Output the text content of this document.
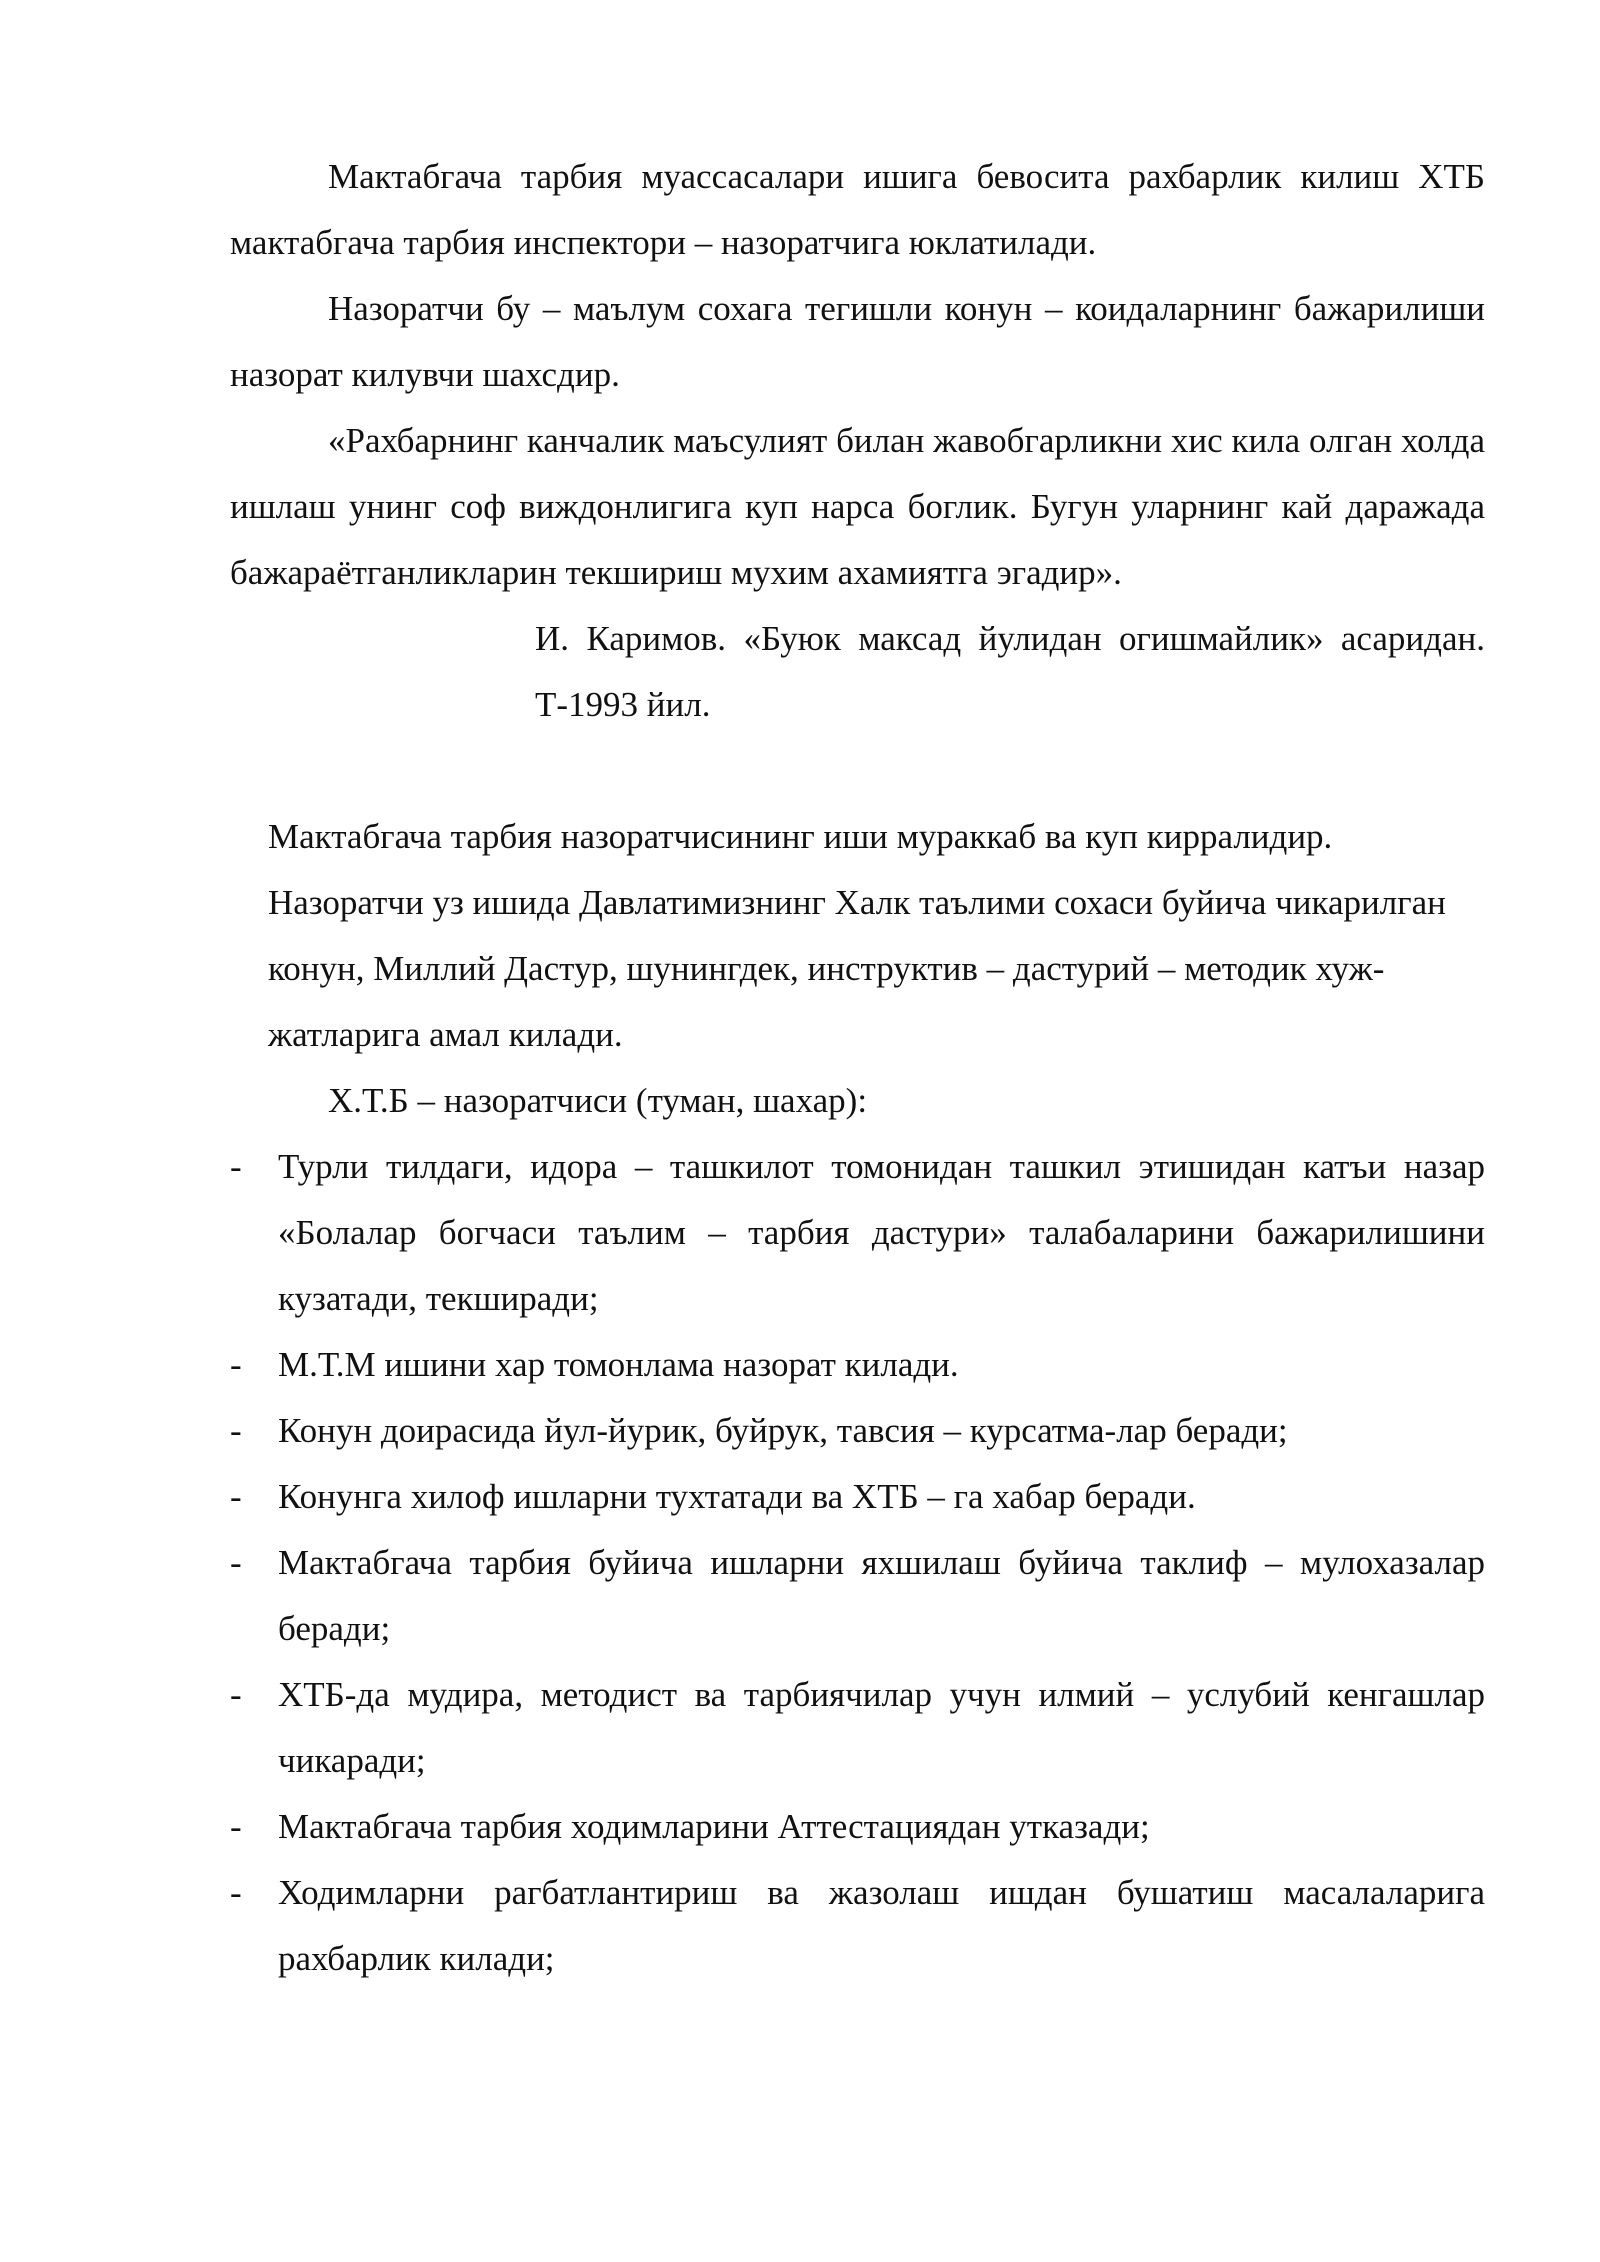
Мактабгача тарбия муассасалари ишига бевосита рахбарлик килиш ХТБ мактабгача тарбия инспектори – назоратчига юклатилади.

Назоратчи бу – маълум сохага тегишли конун – коидаларнинг бажарилиши назорат килувчи шахсдир.

«Рахбарнинг канчалик маъсулият билан жавобгарликни хис кила олган холда ишлаш унинг соф виждонлигига куп нарса боглик. Бугун уларнинг кай даражада бажараётганликларин текшириш мухим ахамиятга эгадир».

И. Каримов. «Буюк максад йулидан огишмайлик» асаридан. Т-1993 йил.

Мактабгача тарбия назоратчисининг иши мураккаб ва куп кирралидир. Назоратчи уз ишида Давлатимизнинг Халк таълими сохаси буйича чикарилган конун, Миллий Дастур, шунингдек, инструктив – дастурий – методик хуж-жатларига амал килади.

Х.Т.Б – назоратчиси (туман, шахар):

- Турли тилдаги, идора – ташкилот томонидан ташкил этишидан катъи назар «Болалар богчаси таълим – тарбия дастури» талабаларини бажарилишини кузатади, текширади;
- М.Т.М ишини хар томонлама назорат килади.
- Конун доирасида йул-йурик, буйрук, тавсия – курсатма-лар беради;
- Конунга хилоф ишларни тухтатади ва ХТБ – га хабар беради.
- Мактабгача тарбия буйича ишларни яхшилаш буйича таклиф – мулохазалар беради;
- ХТБ-да мудира, методист ва тарбиячилар учун илмий – услубий кенгашлар чикаради;
- Мактабгача тарбия ходимларини Аттестациядан утказади;
- Ходимларни рагбатлантириш ва жазолаш ишдан бушатиш масалаларига рахбарлик килади;
